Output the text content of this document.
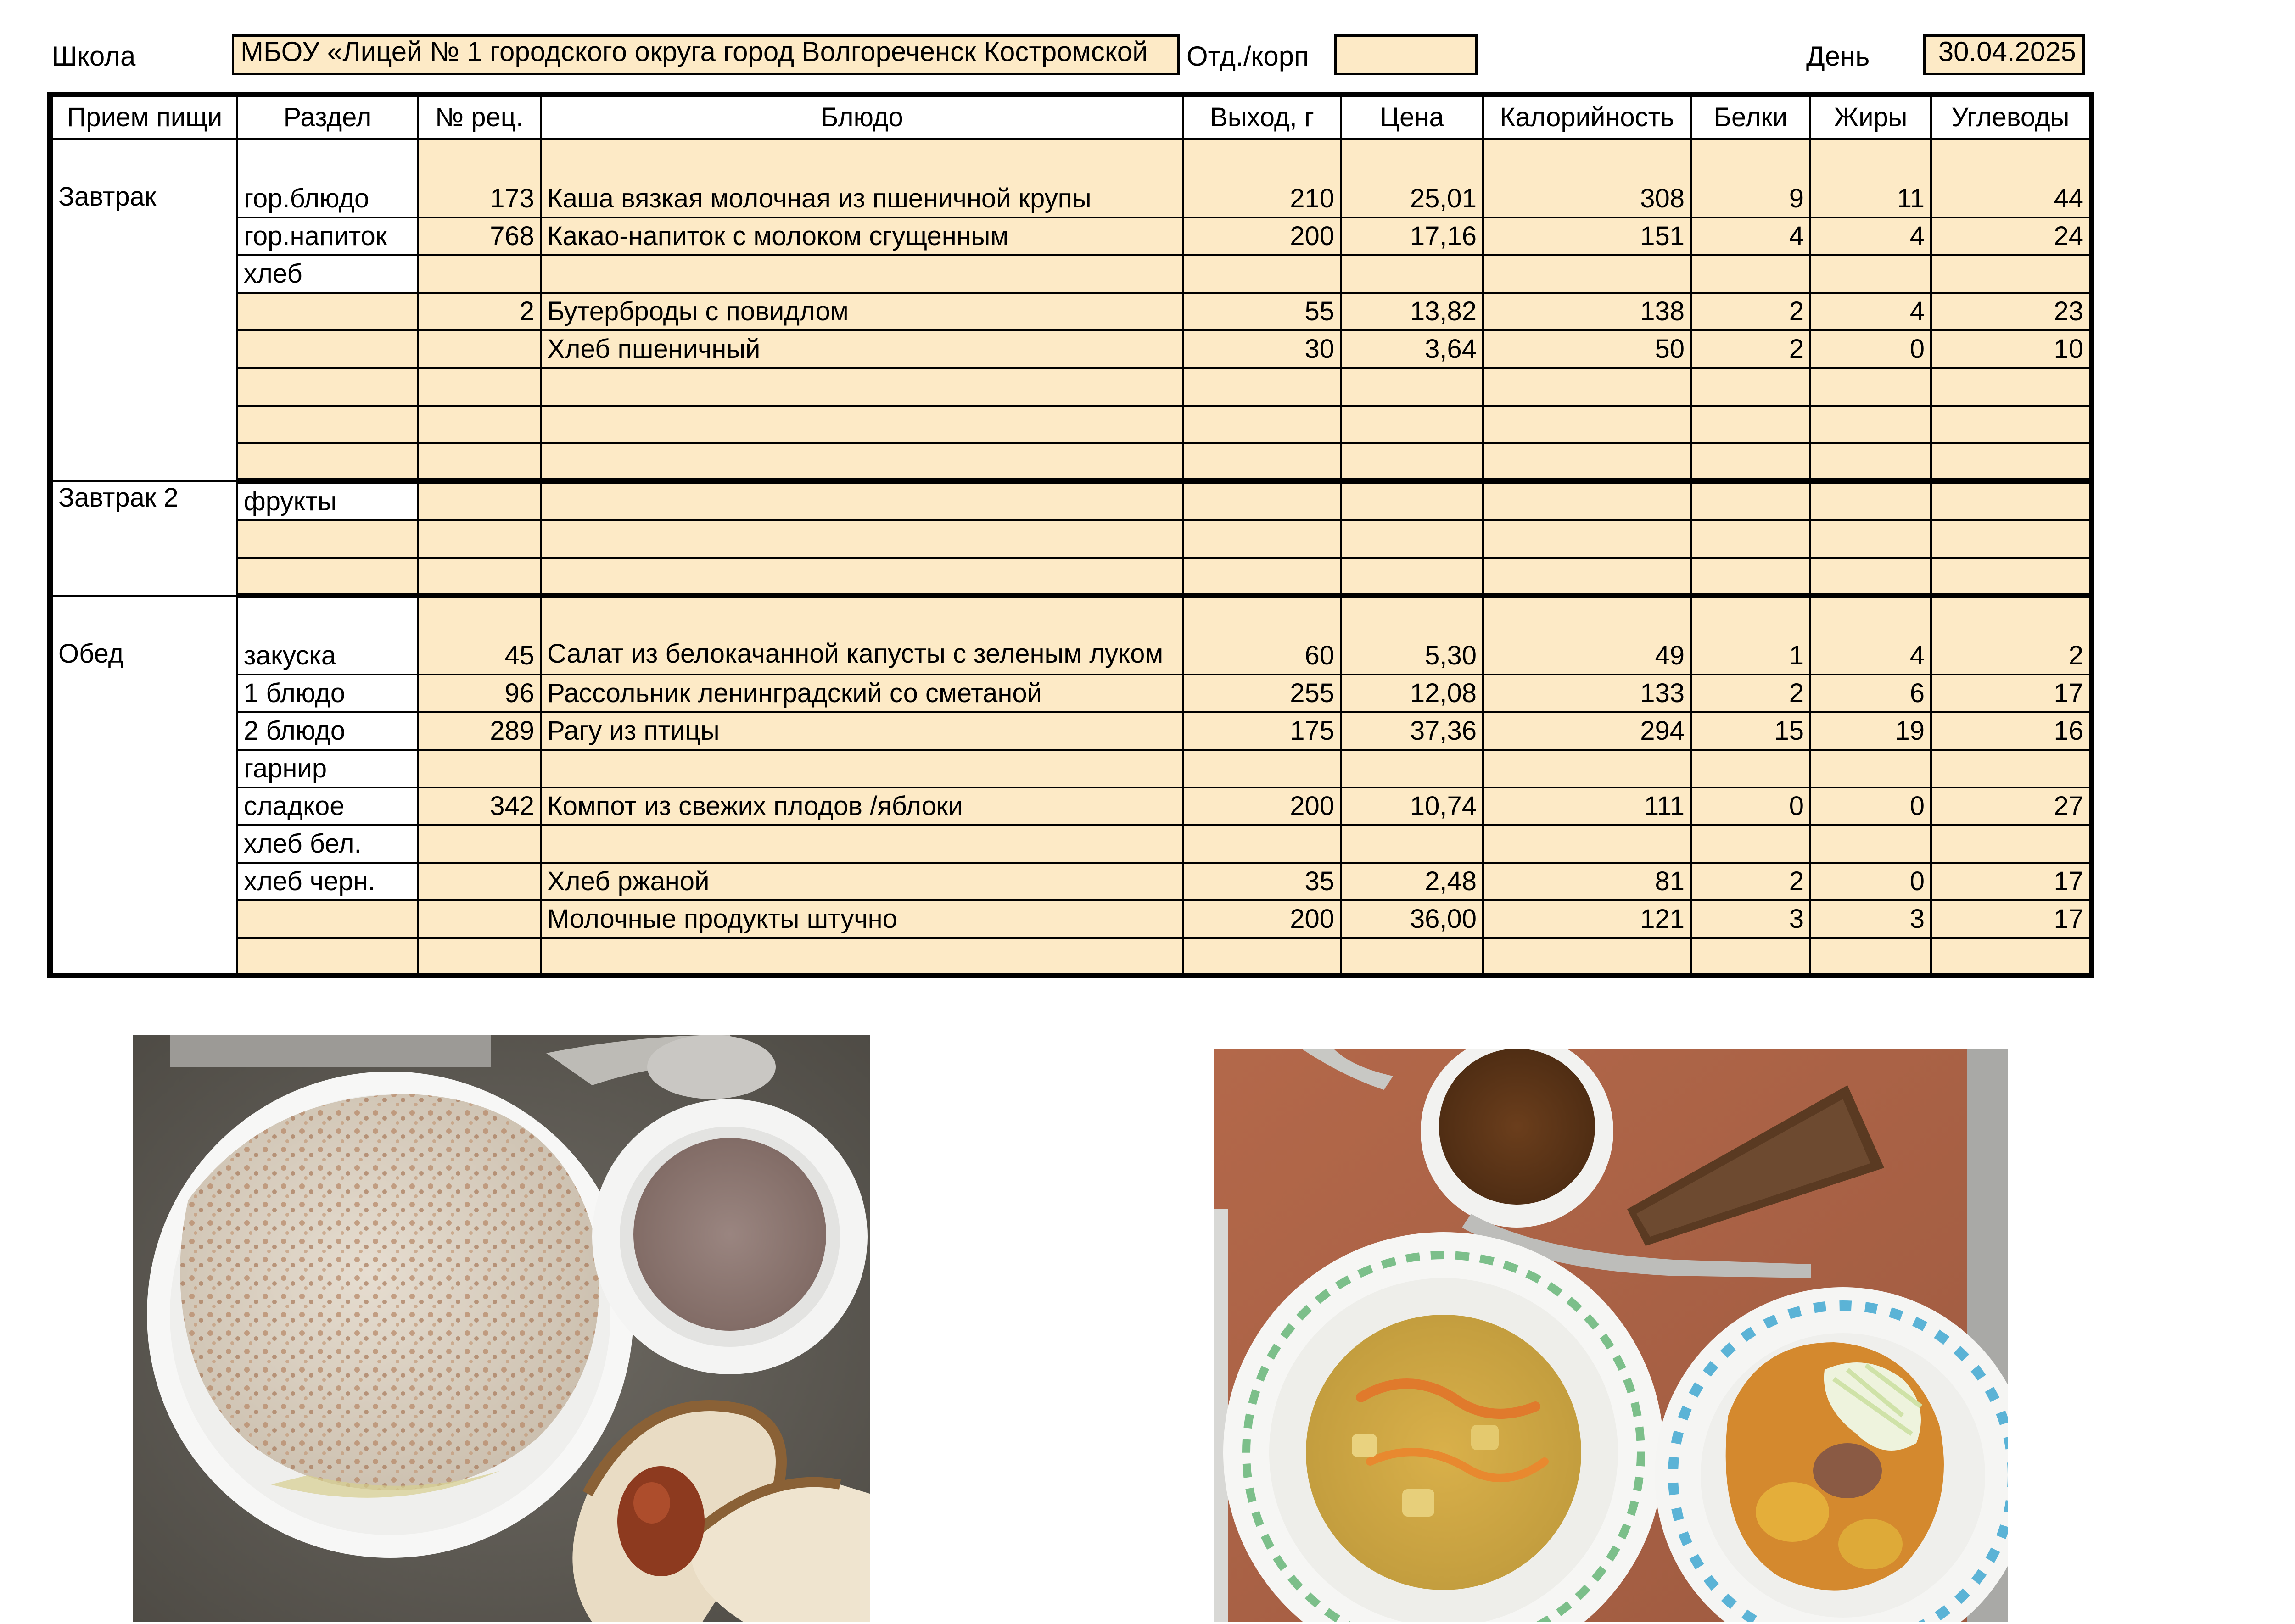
Школа	МБОУ «Лицей № 1 городского округа город Волгореченск Костромской	Отд./корп	День	30.04.2025
Прием пищи	Раздел	№ рец.	Блюдо	Выход, г	Цена	Калорийность	Белки	Жиры	Углеводы
Завтрак	гор.блюдо	173	Каша вязкая молочная из пшеничной крупы	210	25,01	308	9	11	44
	гор.напиток	768	Какао-напиток с молоком сгущенным	200	17,16	151	4	4	24
	хлеб								
		2	Бутерброды с повидлом	55	13,82	138	2	4	23
			Хлеб пшеничный	30	3,64	50	2	0	10

Завтрак 2	фрукты								

Обед	закуска	45	Салат из белокачанной капусты с зеленым луком	60	5,30	49	1	4	2
	1 блюдо	96	Рассольник ленинградский со сметаной	255	12,08	133	2	6	17
	2 блюдо	289	Рагу из птицы	175	37,36	294	15	19	16
	гарнир								
	сладкое	342	Компот из свежих плодов /яблоки	200	10,74	111	0	0	27
	хлеб бел.								
	хлеб черн.		Хлеб ржаной	35	2,48	81	2	0	17
			Молочные продукты штучно	200	36,00	121	3	3	17
